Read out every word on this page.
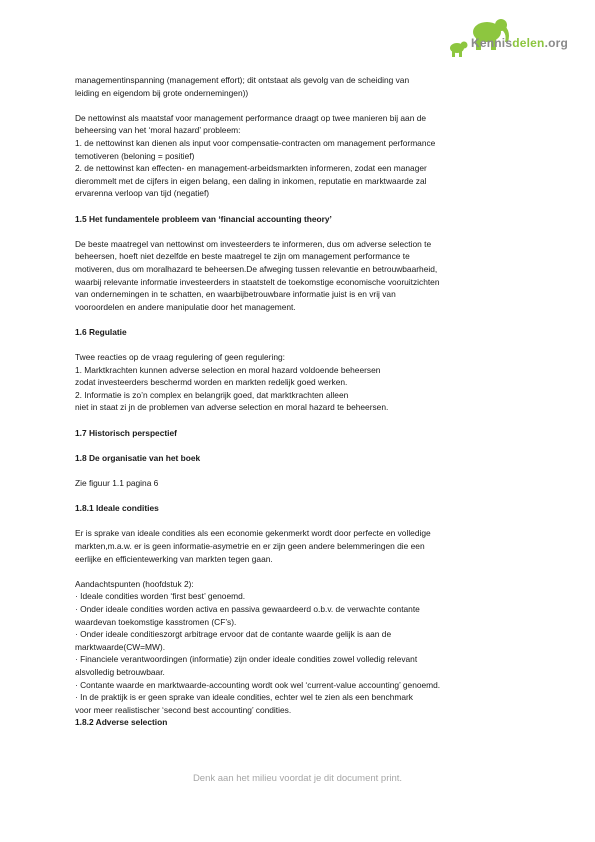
Kennisdelen.org
managementinspanning (management effort); dit ontstaat als gevolg van de scheiding van
leiding en eigendom bij grote ondernemingen))
De nettowinst als maatstaf voor management performance draagt op twee manieren bij aan de
beheersing van het ‘moral hazard’ probleem:
1. de nettowinst kan dienen als input voor compensatie-contracten om management performance
temotiveren (beloning = positief)
2. de nettowinst kan effecten- en management-arbeidsmarkten informeren, zodat een manager
dierommelt met de cijfers in eigen belang, een daling in inkomen, reputatie en marktwaarde zal
ervarenna verloop van tijd (negatief)
1.5 Het fundamentele probleem van ‘financial accounting theory’
De beste maatregel van nettowinst om investeerders te informeren, dus om adverse selection te
beheersen, hoeft niet dezelfde en beste maatregel te zijn om management performance te
motiveren, dus om moralhazard te beheersen.De afweging tussen relevantie en betrouwbaarheid,
waarbij relevante informatie investeerders in staatstelt de toekomstige economische vooruitzichten
van ondernemingen in te schatten, en waarbijbetrouwbare informatie juist is en vrij van
vooroordelen en andere manipulatie door het management.
1.6 Regulatie
Twee reacties op de vraag regulering of geen regulering:
1. Marktkrachten kunnen adverse selection en moral hazard voldoende beheersen
zodat investeerders beschermd worden en markten redelijk goed werken.
2. Informatie is zo’n complex en belangrijk goed, dat marktkrachten alleen
niet in staat zi jn de problemen van adverse selection en moral hazard te beheersen.
1.7 Historisch perspectief
1.8 De organisatie van het boek
Zie figuur 1.1 pagina 6
1.8.1 Ideale condities
Er is sprake van ideale condities als een economie gekenmerkt wordt door perfecte en volledige
markten,m.a.w. er is geen informatie-asymetrie en er zijn geen andere belemmeringen die een
eerlijke en efficientewerking van markten tegen gaan.
Aandachtspunten (hoofdstuk 2):
· Ideale condities worden ‘first best’ genoemd.
· Onder ideale condities worden activa en passiva gewaardeerd o.b.v. de verwachte contante
waardevan toekomstige kasstromen (CF’s).
· Onder ideale conditieszorgt arbitrage ervoor dat de contante waarde gelijk is aan de
marktwaarde(CW=MW).
· Financiele verantwoordingen (informatie) zijn onder ideale condities zowel volledig relevant
alsvolledig betrouwbaar.
· Contante waarde en marktwaarde-accounting wordt ook wel ‘current-value accounting’ genoemd.
· In de praktijk is er geen sprake van ideale condities, echter wel te zien als een benchmark
voor meer realistischer ‘second best accounting’ condities.
1.8.2 Adverse selection
Denk aan het milieu voordat je dit document print.
